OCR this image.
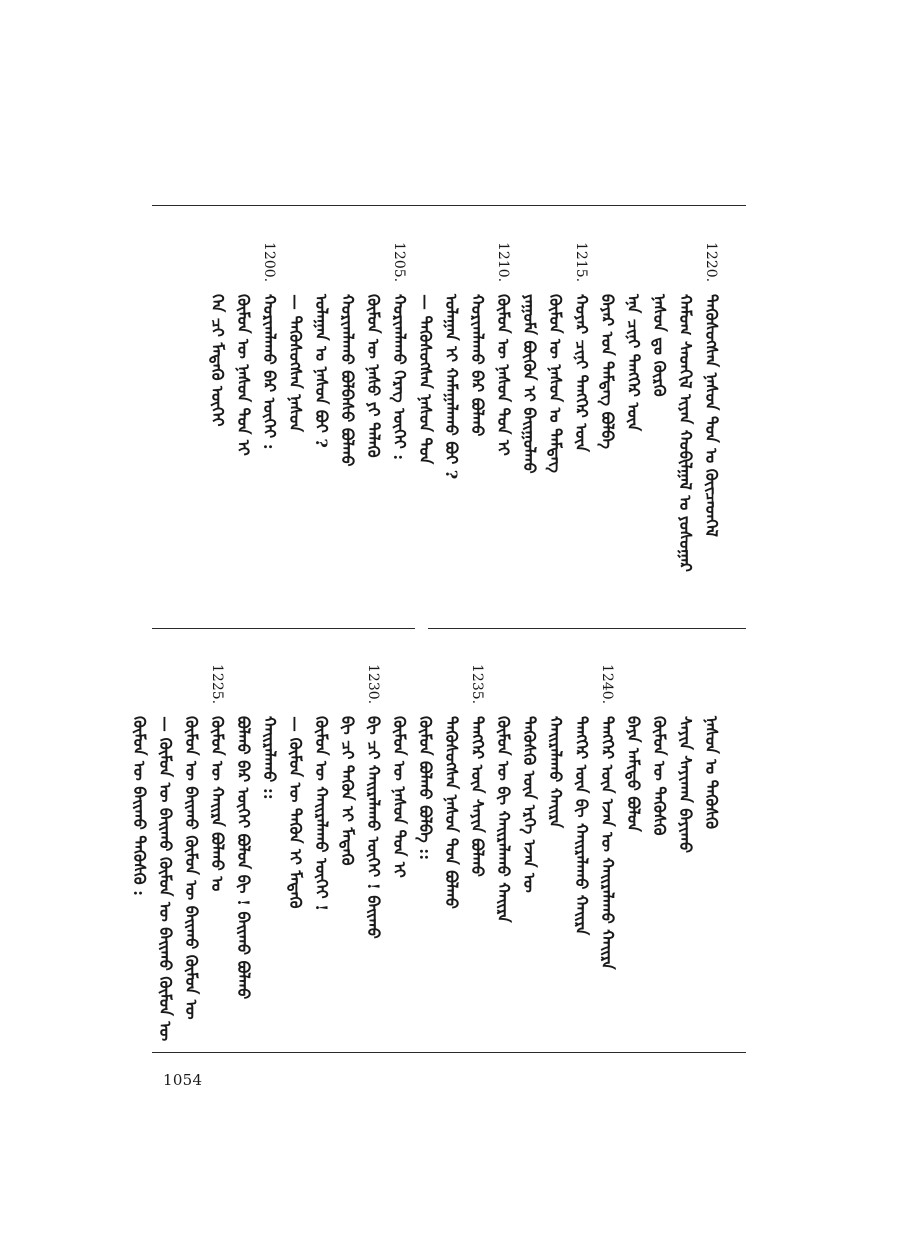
1220.
ᠲᠡᠭᠦᠰᠦᠭᠰᠡᠨ ᠨᠠᠰᠤᠨ ᠳᠤᠨ ᠤ ᠭᠦᠢᠴᠡᠳᠬᠡᠯ
ᠬᠠᠮᠤᠭ ᠰᠡᠳᠬᠢᠯ ᠢᠶᠡᠨ ᠬᠤᠪᠢᠯᠭᠠᠯ ᠤ ᠶᠣᠰᠣᠭᠠᠷ
ᠨᠠᠰᠤᠨ ᠳᠤ ᠬᠦᠷᠬᠦ
ᠡᠨᠡ ᠴᠢᠨᠢ ᠲᠡᠩᠭᠡᠷ ᠦᠨ
ᠪᠠᠶᠠᠷ ᠤᠨ ᠲᠡᠮᠳᠡᠭ ᠪᠣᠯᠪᠠ
1215.
ᠬᠣᠶᠠᠷ ᠴᠢᠨᠢ ᠲᠡᠩᠭᠡᠷ ᠦᠨ
ᠬᠦᠮᠦᠨ ᠦ ᠨᠠᠰᠤᠨ ᠤ ᠲᠡᠮᠳᠡᠭ
ᠶᠠᠭᠤᠮᠠ ᠪᠦᠬᠦᠨ ᠢ ᠪᠠᠢᠭᠤᠯᠬᠤ
1210.
ᠬᠦᠮᠦᠨ ᠦ ᠨᠠᠰᠤᠨ ᠳᠤᠨ ᠢ
ᠬᠣᠷᠢᠭᠯᠠᠬᠤ ᠪᠠᠷ ᠪᠣᠯᠬᠤ
ᠤᠯᠠᠭᠠᠨ ᠢ ᠬᠠᠮᠠᠭᠠᠯᠠᠬᠤ ᠪᠣᠢ ?
— ᠲᠡᠭᠦᠰᠦᠭᠰᠡᠨ ᠨᠠᠰᠤᠨ ᠳᠤᠨ
1205.
ᠬᠣᠷᠢᠭᠯᠠᠬᠤ ᠬᠡᠷᠡᠭ ᠦᠭᠡᠢ :
ᠬᠦᠮᠦᠨ ᠦ ᠨᠠᠰᠤ ᠶᠢ ᠲᠡᠯᠡᠬᠦ
ᠬᠣᠷᠢᠭᠯᠠᠬᠤ ᠪᠣᠯᠪᠠᠰᠤ ᠪᠣᠯᠬᠤ
ᠤᠯᠠᠭᠠᠨ ᠤ ᠨᠠᠰᠤᠨ ᠪᠣᠢ ?
— ᠲᠡᠭᠦᠰᠦᠭᠰᠡᠨ ᠨᠠᠰᠤᠨ
1200.
ᠬᠣᠷᠢᠭᠯᠠᠬᠤ ᠪᠠᠷ ᠦᠭᠡᠢ :
ᠬᠦᠮᠦᠨ ᠦ ᠨᠠᠰᠤᠨ ᠳᠤᠨ ᠢ
ᠬᠡᠨ ᠴᠢ ᠮᠡᠳᠡᠬᠦ ᠦᠭᠡᠢ
ᠨᠠᠰᠤᠨ ᠤ ᠲᠡᠭᠦᠰᠬᠦ
ᠰᠠᠶᠢᠨ ᠰᠠᠶᠢᠬᠠᠨ ᠪᠠᠶᠢᠬᠤ
ᠬᠦᠮᠦᠨ ᠦ ᠲᠡᠭᠦᠰᠬᠦ
ᠪᠡᠶᠡ ᠠᠮᠢᠳᠤ ᠪᠣᠯᠤᠨ
1240.
ᠲᠡᠩᠭᠡᠷ ᠦᠨ ᠡᠵᠡᠨ ᠦ ᠬᠠᠢᠷᠠᠯᠠᠬᠤ ᠬᠠᠢᠷᠠ
ᠲᠡᠩᠭᠡᠷ ᠦᠨ ᠪᠢ ᠬᠠᠢᠷᠠᠯᠠᠬᠤ ᠬᠠᠢᠷᠠ
ᠬᠠᠢᠷᠠᠯᠠᠬᠤ ᠬᠠᠢᠷᠠ
ᠲᠡᠭᠦᠰᠬᠦ ᠦᠨ ᠡᠷᠬᠡ ᠡᠵᠡᠨ ᠦ
ᠬᠦᠮᠦᠨ ᠦ ᠪᠢ ᠬᠠᠢᠷᠠᠯᠠᠬᠤ ᠬᠠᠢᠷᠠ
1235.
ᠲᠡᠩᠭᠡᠷ ᠦᠨ ᠰᠠᠶᠢᠨ ᠪᠣᠯᠬᠤ
ᠲᠡᠭᠦᠰᠦᠭᠰᠡᠨ ᠨᠠᠰᠤᠨ ᠳᠤᠨ ᠪᠣᠯᠬᠤ
ᠬᠦᠮᠦᠨ ᠪᠣᠯᠬᠤ ᠪᠣᠯᠪᠠ ::
ᠬᠦᠮᠦᠨ ᠦ ᠨᠠᠰᠤᠨ ᠳᠤᠨ ᠢ
1230.
ᠪᠢ ᠴᠢ ᠬᠠᠢᠷᠠᠯᠠᠬᠤ ᠦᠭᠡᠢ ! ᠪᠠᠢᠬᠤ
ᠪᠢ ᠴᠢ ᠲᠡᠭᠦᠨ ᠢ ᠮᠡᠳᠡᠬᠦ
ᠬᠦᠮᠦᠨ ᠦ ᠬᠠᠢᠷᠠᠯᠠᠬᠤ ᠦᠭᠡᠢ !
— ᠬᠦᠮᠦᠨ ᠦ ᠲᠡᠭᠦᠨ ᠢ ᠮᠡᠳᠡᠬᠦ
ᠬᠠᠢᠷᠠᠯᠠᠬᠤ ::
ᠪᠣᠯᠬᠤ ᠪᠠᠷ ᠦᠭᠡᠢ ᠪᠣᠯᠤᠨ ᠪᠢ ! ᠪᠠᠢᠬᠤ ᠪᠣᠯᠬᠤ
1225.
ᠬᠦᠮᠦᠨ ᠦ ᠬᠠᠢᠷᠠ ᠪᠣᠯᠬᠤ ᠣ
ᠬᠦᠮᠦᠨ ᠦ ᠪᠠᠢᠬᠤ ᠬᠦᠮᠦᠨ ᠦ ᠪᠠᠢᠬᠤ ᠬᠦᠮᠦᠨ ᠦ
— ᠬᠦᠮᠦᠨ ᠦ ᠪᠠᠢᠬᠤ ᠬᠦᠮᠦᠨ ᠦ ᠪᠠᠢᠬᠤ ᠬᠦᠮᠦᠨ ᠦ
ᠬᠦᠮᠦᠨ ᠦ ᠪᠠᠢᠬᠤ ᠲᠡᠭᠦᠰᠬᠦ :
1054
